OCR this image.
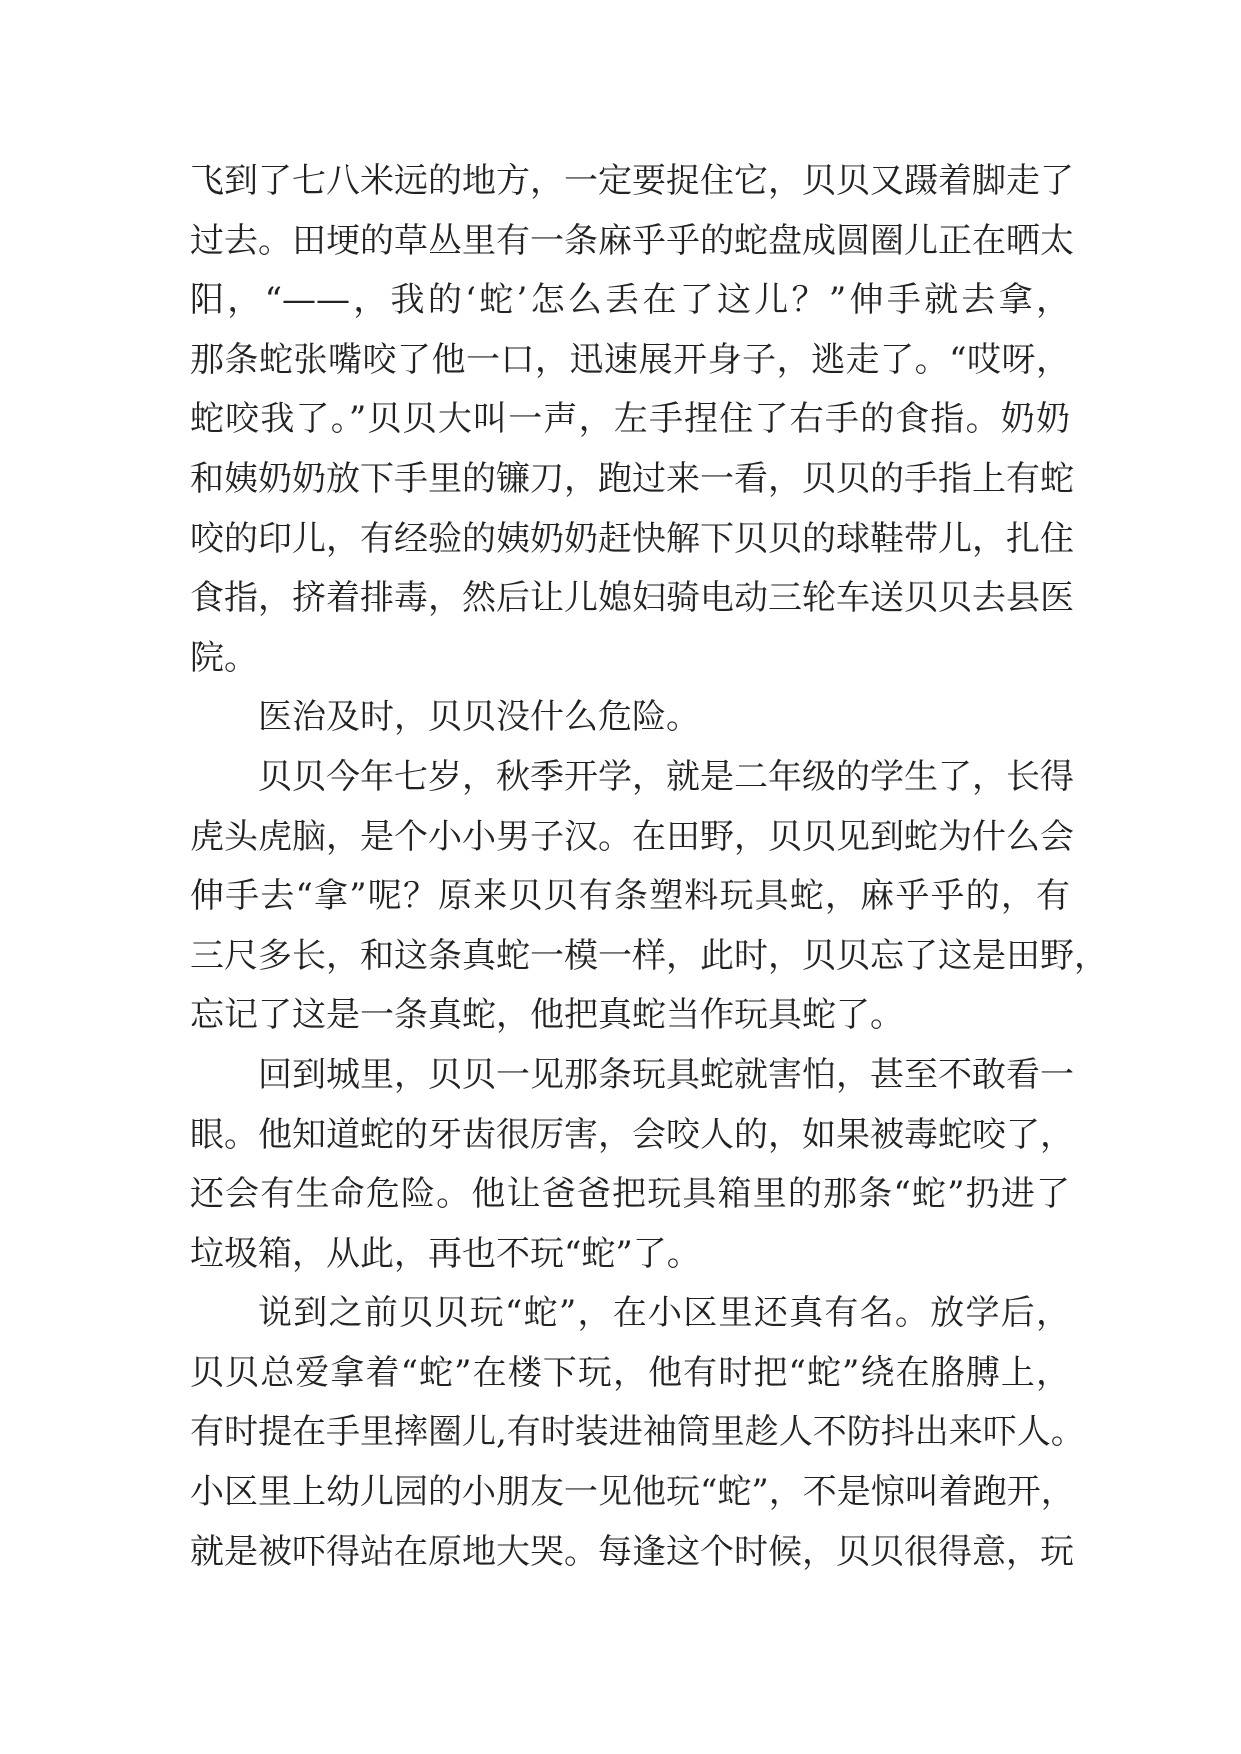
飞到了七八米远的地方，一定要捉住它，贝贝又蹑着脚走了
过去。田埂的草丛里有一条麻乎乎的蛇盘成圆圈儿正在晒太
阳，“——，我的‘蛇’怎么丢在了这儿？”伸手就去拿，
那条蛇张嘴咬了他一口，迅速展开身子，逃走了。“哎呀，
蛇咬我了。”贝贝大叫一声，左手捏住了右手的食指。奶奶
和姨奶奶放下手里的镰刀，跑过来一看，贝贝的手指上有蛇
咬的印儿，有经验的姨奶奶赶快解下贝贝的球鞋带儿，扎住
食指，挤着排毒，然后让儿媳妇骑电动三轮车送贝贝去县医
院。
医治及时，贝贝没什么危险。
贝贝今年七岁，秋季开学，就是二年级的学生了，长得
虎头虎脑，是个小小男子汉。在田野，贝贝见到蛇为什么会
伸手去“拿”呢？原来贝贝有条塑料玩具蛇，麻乎乎的，有
三尺多长，和这条真蛇一模一样，此时，贝贝忘了这是田野，
忘记了这是一条真蛇，他把真蛇当作玩具蛇了。
回到城里，贝贝一见那条玩具蛇就害怕，甚至不敢看一
眼。他知道蛇的牙齿很厉害，会咬人的，如果被毒蛇咬了，
还会有生命危险。他让爸爸把玩具箱里的那条“蛇”扔进了
垃圾箱，从此，再也不玩“蛇”了。
说到之前贝贝玩“蛇”，在小区里还真有名。放学后，
贝贝总爱拿着“蛇”在楼下玩，他有时把“蛇”绕在胳膊上，
有时提在手里摔圈儿,有时装进袖筒里趁人不防抖出来吓人。
小区里上幼儿园的小朋友一见他玩“蛇”，不是惊叫着跑开，
就是被吓得站在原地大哭。每逢这个时候，贝贝很得意，玩
